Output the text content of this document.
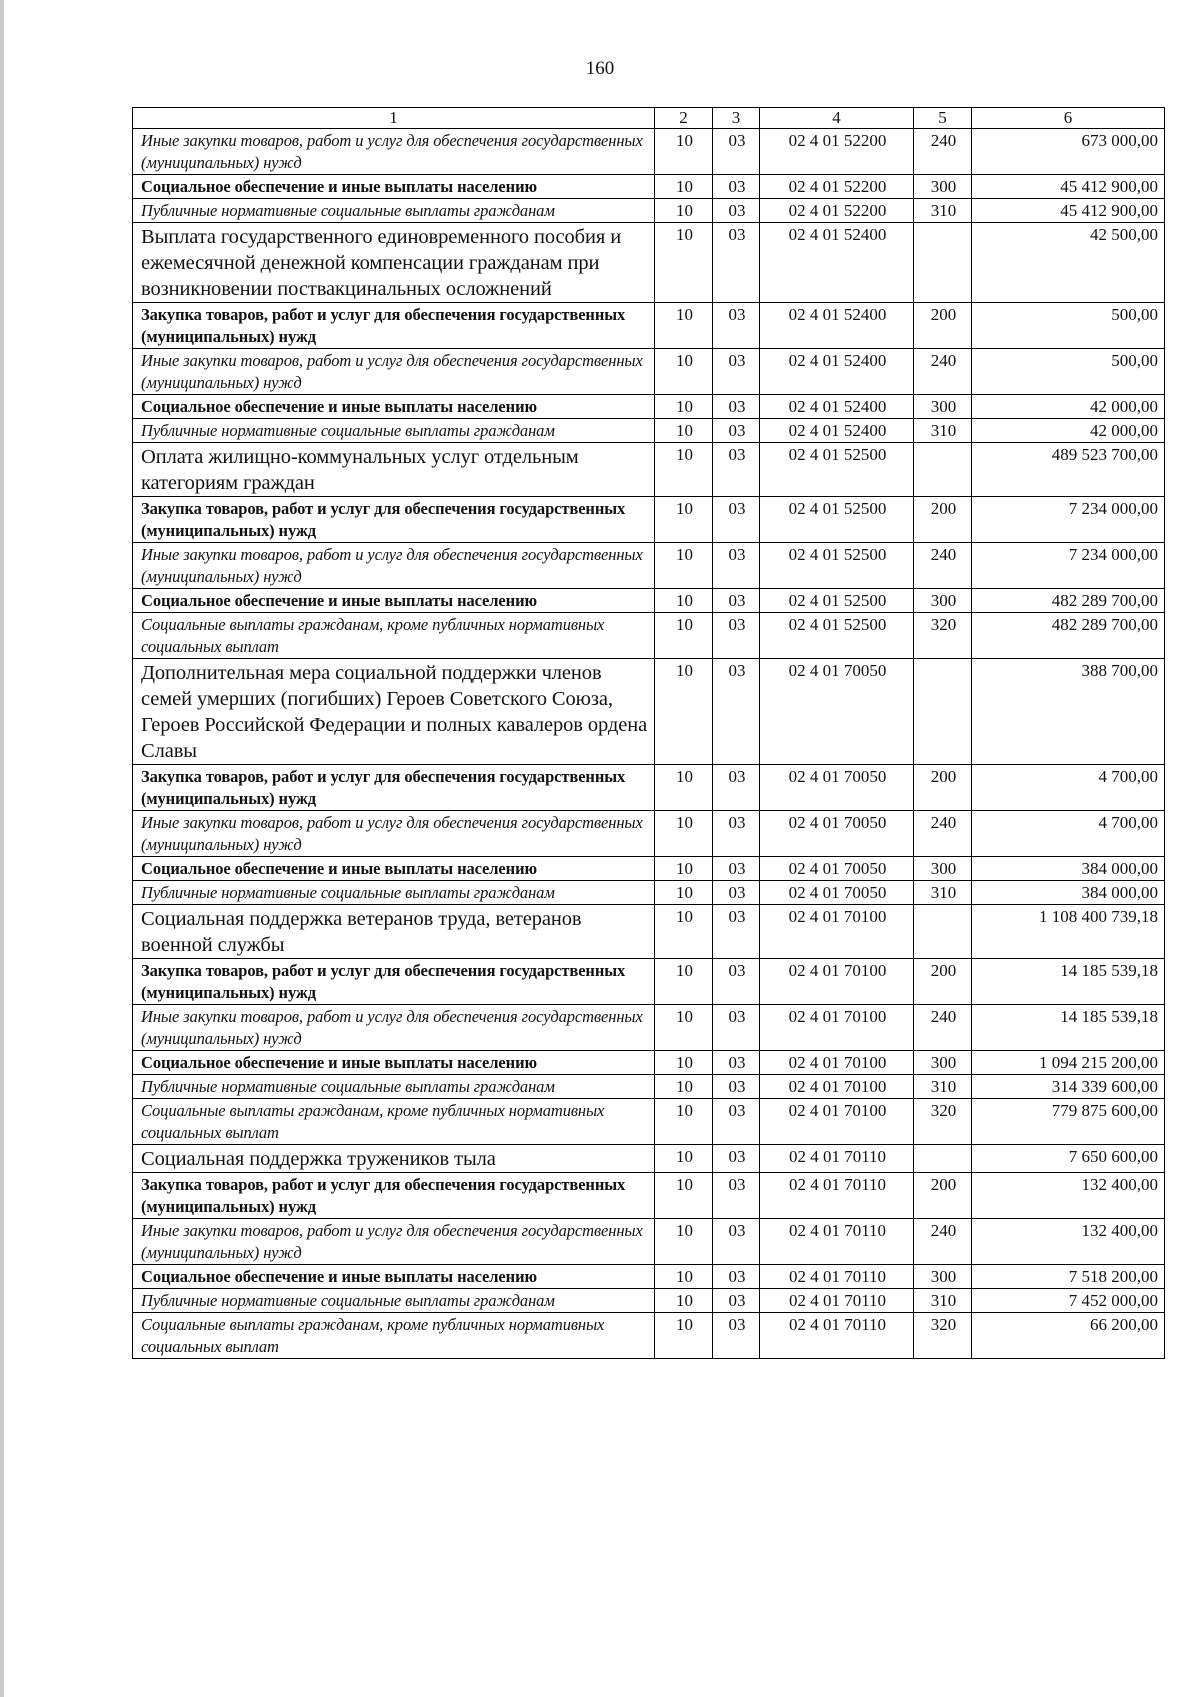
160
1	2	3	4	5	6
Иные закупки товаров, работ и услуг для обеспечения государственных (муниципальных) нужд	10	03	02 4 01 52200	240	673 000,00
Социальное обеспечение и иные выплаты населению	10	03	02 4 01 52200	300	45 412 900,00
Публичные нормативные социальные выплаты гражданам	10	03	02 4 01 52200	310	45 412 900,00
Выплата государственного единовременного пособия и ежемесячной денежной компенсации гражданам при возникновении поствакцинальных осложнений	10	03	02 4 01 52400		42 500,00
Закупка товаров, работ и услуг для обеспечения государственных (муниципальных) нужд	10	03	02 4 01 52400	200	500,00
Иные закупки товаров, работ и услуг для обеспечения государственных (муниципальных) нужд	10	03	02 4 01 52400	240	500,00
Социальное обеспечение и иные выплаты населению	10	03	02 4 01 52400	300	42 000,00
Публичные нормативные социальные выплаты гражданам	10	03	02 4 01 52400	310	42 000,00
Оплата жилищно-коммунальных услуг отдельным категориям граждан	10	03	02 4 01 52500		489 523 700,00
Закупка товаров, работ и услуг для обеспечения государственных (муниципальных) нужд	10	03	02 4 01 52500	200	7 234 000,00
Иные закупки товаров, работ и услуг для обеспечения государственных (муниципальных) нужд	10	03	02 4 01 52500	240	7 234 000,00
Социальное обеспечение и иные выплаты населению	10	03	02 4 01 52500	300	482 289 700,00
Социальные выплаты гражданам, кроме публичных нормативных социальных выплат	10	03	02 4 01 52500	320	482 289 700,00
Дополнительная мера социальной поддержки членов семей умерших (погибших) Героев Советского Союза, Героев Российской Федерации и полных кавалеров ордена Славы	10	03	02 4 01 70050		388 700,00
Закупка товаров, работ и услуг для обеспечения государственных (муниципальных) нужд	10	03	02 4 01 70050	200	4 700,00
Иные закупки товаров, работ и услуг для обеспечения государственных (муниципальных) нужд	10	03	02 4 01 70050	240	4 700,00
Социальное обеспечение и иные выплаты населению	10	03	02 4 01 70050	300	384 000,00
Публичные нормативные социальные выплаты гражданам	10	03	02 4 01 70050	310	384 000,00
Социальная поддержка ветеранов труда, ветеранов военной службы	10	03	02 4 01 70100		1 108 400 739,18
Закупка товаров, работ и услуг для обеспечения государственных (муниципальных) нужд	10	03	02 4 01 70100	200	14 185 539,18
Иные закупки товаров, работ и услуг для обеспечения государственных (муниципальных) нужд	10	03	02 4 01 70100	240	14 185 539,18
Социальное обеспечение и иные выплаты населению	10	03	02 4 01 70100	300	1 094 215 200,00
Публичные нормативные социальные выплаты гражданам	10	03	02 4 01 70100	310	314 339 600,00
Социальные выплаты гражданам, кроме публичных нормативных социальных выплат	10	03	02 4 01 70100	320	779 875 600,00
Социальная поддержка тружеников тыла	10	03	02 4 01 70110		7 650 600,00
Закупка товаров, работ и услуг для обеспечения государственных (муниципальных) нужд	10	03	02 4 01 70110	200	132 400,00
Иные закупки товаров, работ и услуг для обеспечения государственных (муниципальных) нужд	10	03	02 4 01 70110	240	132 400,00
Социальное обеспечение и иные выплаты населению	10	03	02 4 01 70110	300	7 518 200,00
Публичные нормативные социальные выплаты гражданам	10	03	02 4 01 70110	310	7 452 000,00
Социальные выплаты гражданам, кроме публичных нормативных социальных выплат	10	03	02 4 01 70110	320	66 200,00
